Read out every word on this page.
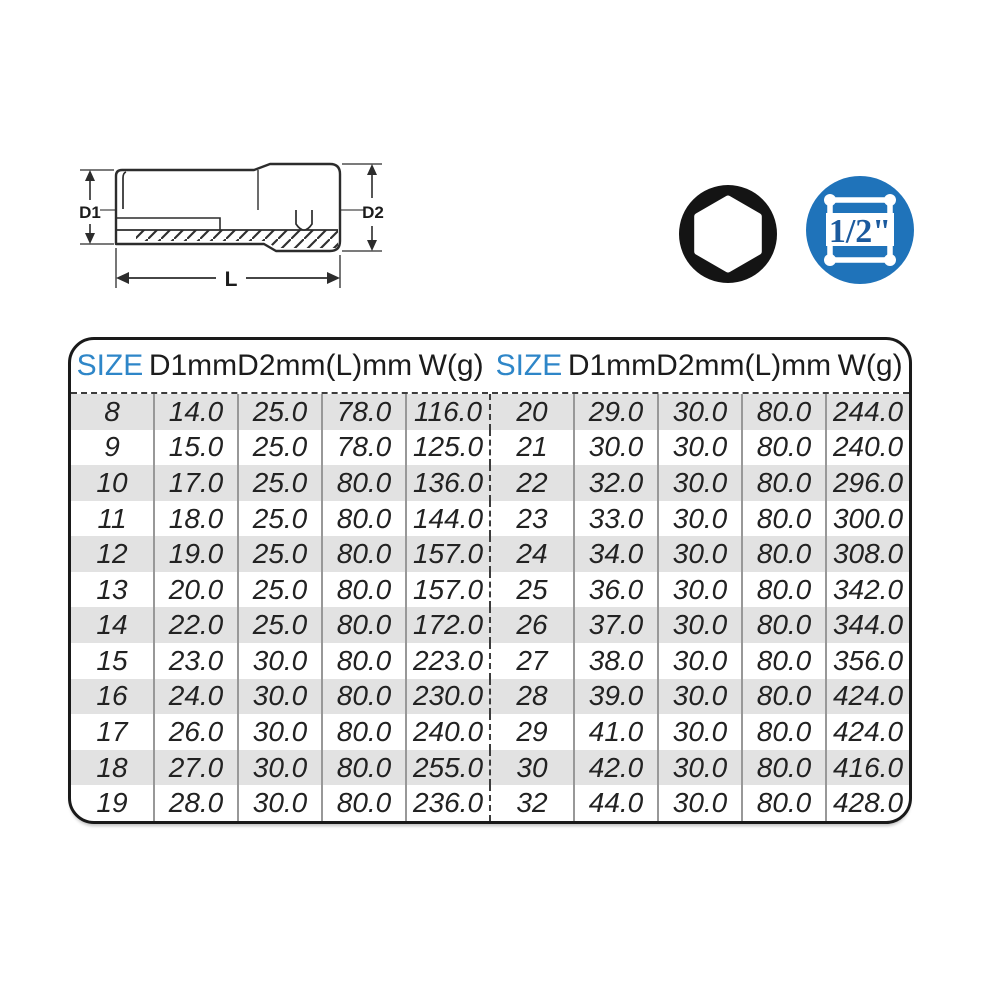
D1	D2
L
1/2"
SIZE D1mm D2mm (L)mm W(g) SIZE D1mm D2mm (L)mm W(g)
8	14.0	25.0	78.0 116.0	20	29.0	30.0	80.0 244.0
9	15.0	25.0	78.0 125.0	21	30.0	30.0	80.0 240.0
10	17.0	25.0	80.0 136.0	22	32.0	30.0	80.0 296.0
11	18.0	25.0	80.0 144.0	23	33.0	30.0	80.0 300.0
12	19.0	25.0	80.0 157.0	24	34.0	30.0	80.0 308.0
13	20.0	25.0	80.0 157.0	25	36.0	30.0	80.0 342.0
14	22.0	25.0	80.0 172.0	26	37.0	30.0	80.0 344.0
15	23.0	30.0	80.0 223.0	27	38.0	30.0	80.0 356.0
16	24.0	30.0	80.0 230.0	28	39.0	30.0	80.0 424.0
17	26.0	30.0	80.0 240.0	29	41.0	30.0	80.0 424.0
18	27.0	30.0	80.0 255.0	30	42.0	30.0	80.0 416.0
19	28.0	30.0	80.0 236.0	32	44.0	30.0	80.0 428.0
